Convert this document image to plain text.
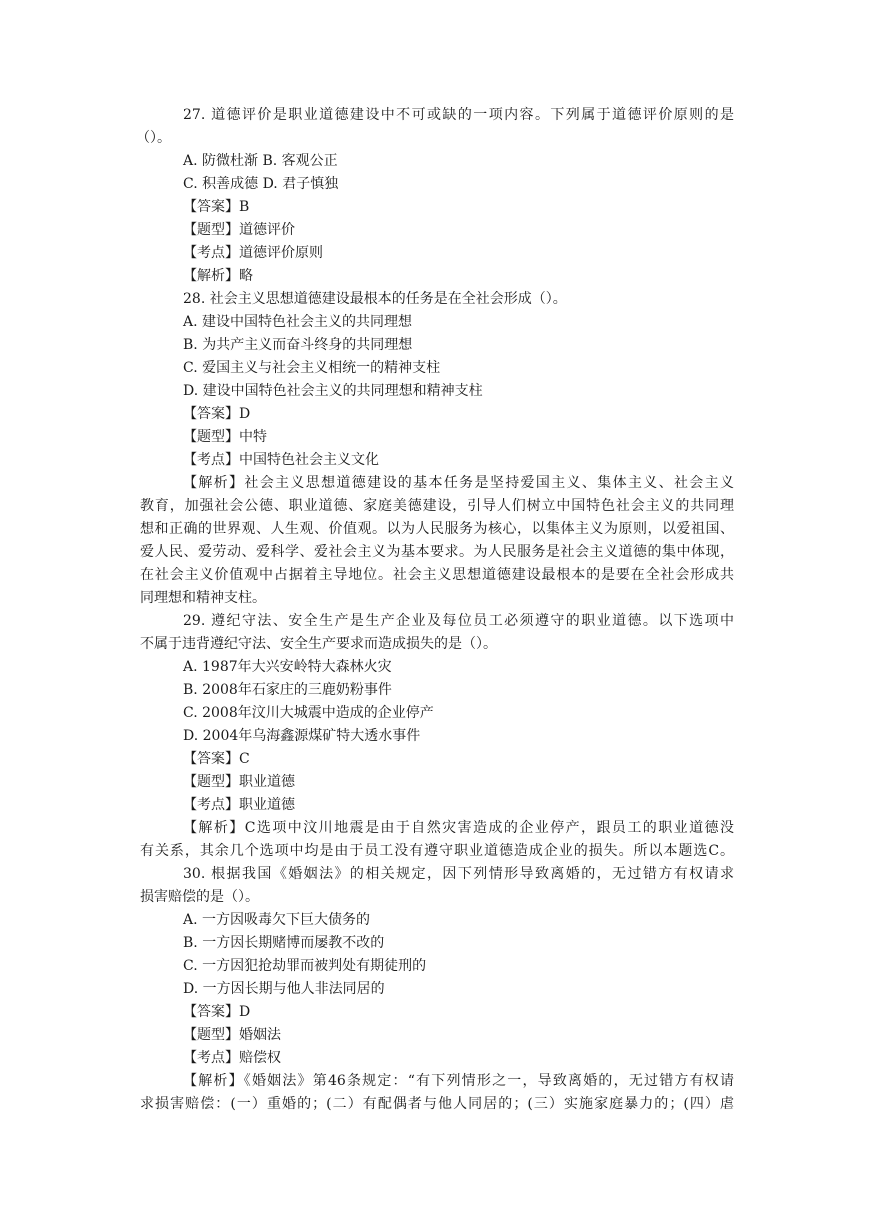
27. 道德评价是职业道德建设中不可或缺的一项内容。下列属于道德评价原则的是
（）。
A. 防微杜渐 B. 客观公正
C. 积善成德 D. 君子慎独
【答案】B
【题型】道德评价
【考点】道德评价原则
【解析】略
28. 社会主义思想道德建设最根本的任务是在全社会形成（）。
A. 建设中国特色社会主义的共同理想
B. 为共产主义而奋斗终身的共同理想
C. 爱国主义与社会主义相统一的精神支柱
D. 建设中国特色社会主义的共同理想和精神支柱
【答案】D
【题型】中特
【考点】中国特色社会主义文化
【解析】社会主义思想道德建设的基本任务是坚持爱国主义、集体主义、社会主义
教育，加强社会公德、职业道德、家庭美德建设，引导人们树立中国特色社会主义的共同理
想和正确的世界观、人生观、价值观。以为人民服务为核心，以集体主义为原则，以爱祖国、
爱人民、爱劳动、爱科学、爱社会主义为基本要求。为人民服务是社会主义道德的集中体现，
在社会主义价值观中占据着主导地位。社会主义思想道德建设最根本的是要在全社会形成共
同理想和精神支柱。
29. 遵纪守法、安全生产是生产企业及每位员工必须遵守的职业道德。以下选项中
不属于违背遵纪守法、安全生产要求而造成损失的是（）。
A. 1987年大兴安岭特大森林火灾
B. 2008年石家庄的三鹿奶粉事件
C. 2008年汶川大城震中造成的企业停产
D. 2004年乌海鑫源煤矿特大透水事件
【答案】C
【题型】职业道德
【考点】职业道德
【解析】C选项中汶川地震是由于自然灾害造成的企业停产，跟员工的职业道德没
有关系，其余几个选项中均是由于员工没有遵守职业道德造成企业的损失。所以本题选C。
30. 根据我国《婚姻法》的相关规定，因下列情形导致离婚的，无过错方有权请求
损害赔偿的是（）。
A. 一方因吸毒欠下巨大债务的
B. 一方因长期赌博而屡教不改的
C. 一方因犯抢劫罪而被判处有期徒刑的
D. 一方因长期与他人非法同居的
【答案】D
【题型】婚姻法
【考点】赔偿权
【解析】《婚姻法》第46条规定：“有下列情形之一，导致离婚的，无过错方有权请
求损害赔偿：(一）重婚的；(二）有配偶者与他人同居的；(三）实施家庭暴力的；(四）虐
